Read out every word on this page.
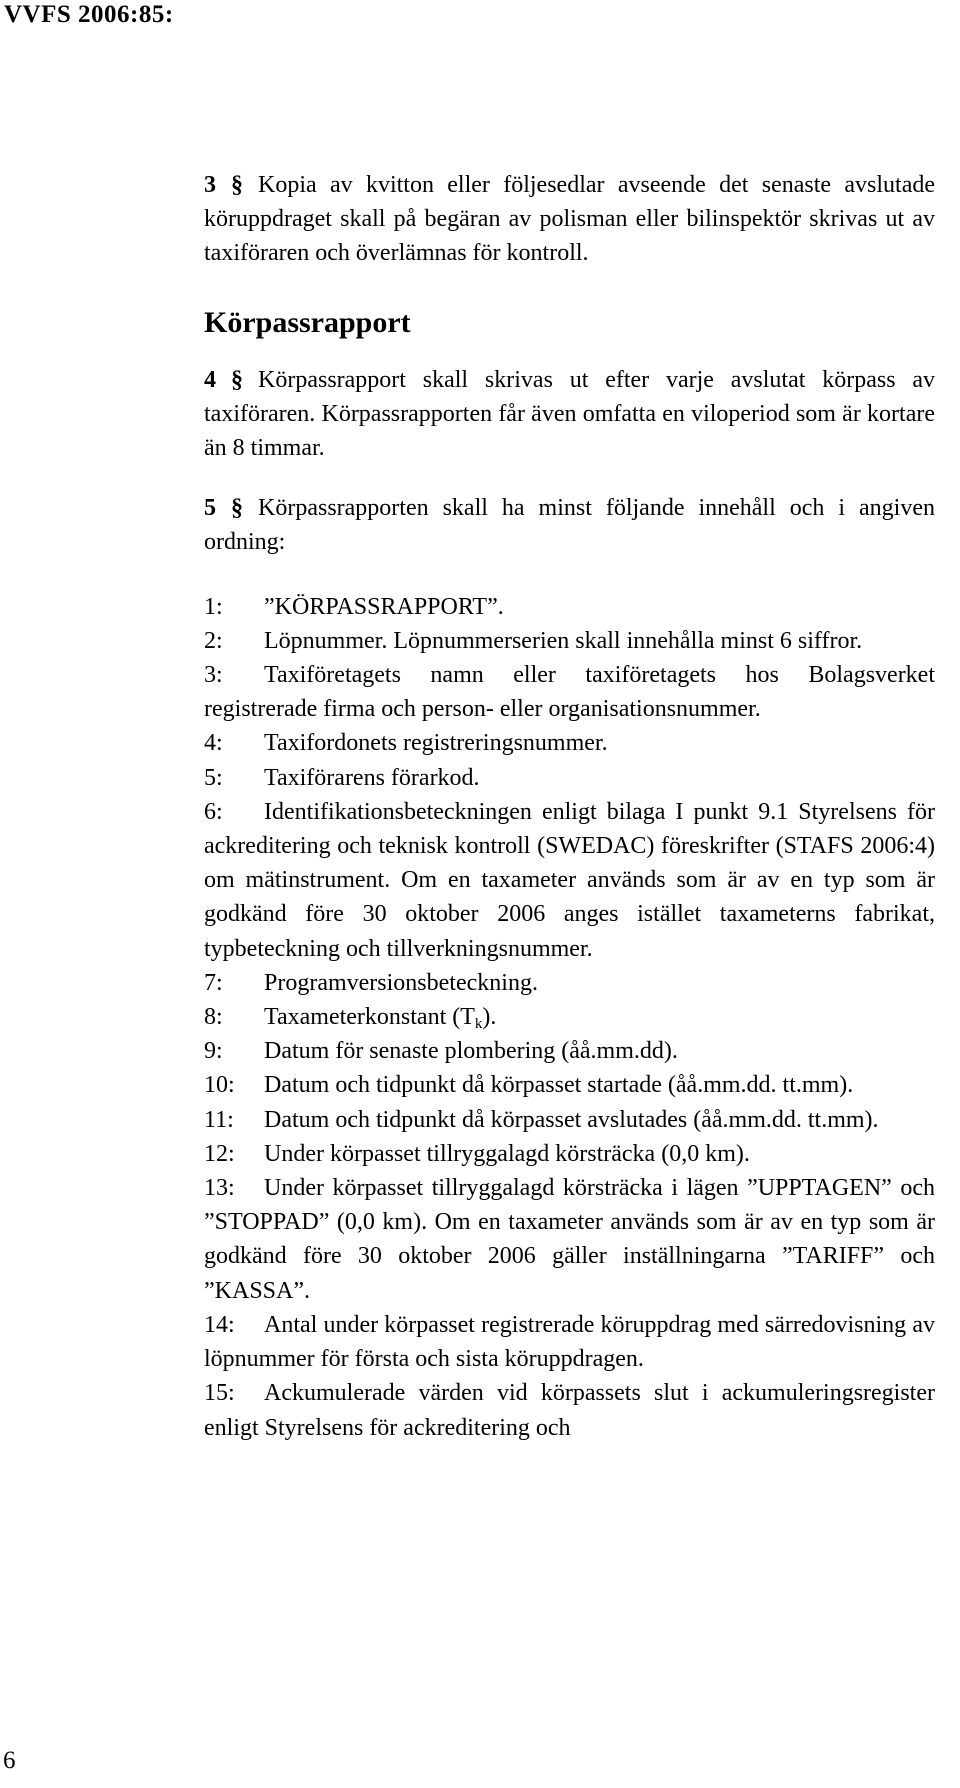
VVFS 2006:85:

3 § Kopia av kvitton eller följesedlar avseende det senaste avslutade köruppdraget skall på begäran av polisman eller bilinspektör skrivas ut av taxiföraren och överlämnas för kontroll.

Körpassrapport

4 § Körpassrapport skall skrivas ut efter varje avslutat körpass av taxiföraren. Körpassrapporten får även omfatta en viloperiod som är kortare än 8 timmar.

5 § Körpassrapporten skall ha minst följande innehåll och i angiven ordning:

1: ”KÖRPASSRAPPORT”.

2: Löpnummer. Löpnummerserien skall innehålla minst 6 siffror.

3: Taxiföretagets namn eller taxiföretagets hos Bolagsverket registrerade firma och person- eller organisationsnummer.

4: Taxifordonets registreringsnummer.

5: Taxiförarens förarkod.

6: Identifikationsbeteckningen enligt bilaga I punkt 9.1 Styrelsens för ackreditering och teknisk kontroll (SWEDAC) föreskrifter (STAFS 2006:4) om mätinstrument. Om en taxameter används som är av en typ som är godkänd före 30 oktober 2006 anges istället taxameterns fabrikat, typbeteckning och tillverkningsnummer.

7: Programversionsbeteckning.

8: Taxameterkonstant $(T_k)$.

9: Datum för senaste plombering (åå.mm.dd).

10: Datum och tidpunkt då körpasset startade (åå.mm.dd. tt.mm).

11: Datum och tidpunkt då körpasset avslutades (åå.mm.dd. tt.mm).

12: Under körpasset tillryggalagd körsträcka (0,0 km).

13: Under körpasset tillryggalagd körsträcka i lägen ”UPPTAGEN” och ”STOPPAD” (0,0 km). Om en taxameter används som är av en typ som är godkänd före 30 oktober 2006 gäller inställningarna ”TARIFF” och ”KASSA”.

14: Antal under körpasset registrerade köruppdrag med särredovisning av löpnummer för första och sista köruppdragen.

15: Ackumulerade värden vid körpassets slut i ackumuleringsregister enligt Styrelsens för ackreditering och

6
